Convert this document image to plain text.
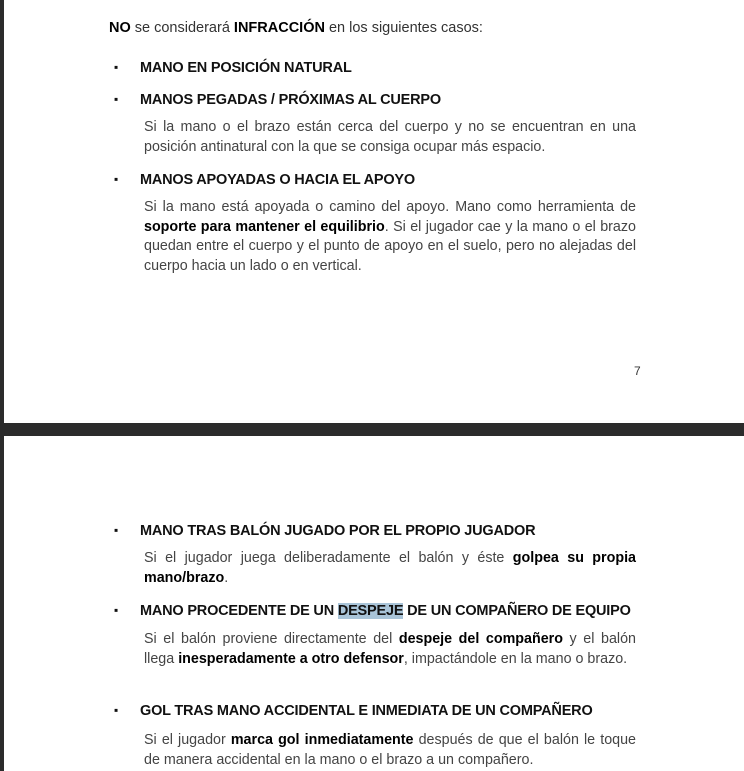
NO se considerará INFRACCIÓN en los siguientes casos:
▪ MANO EN POSICIÓN NATURAL
▪ MANOS PEGADAS / PRÓXIMAS AL CUERPO
Si la mano o el brazo están cerca del cuerpo y no se encuentran en una posición antinatural con la que se consiga ocupar más espacio.
▪ MANOS APOYADAS O HACIA EL APOYO
Si la mano está apoyada o camino del apoyo. Mano como herramienta de soporte para mantener el equilibrio. Si el jugador cae y la mano o el brazo quedan entre el cuerpo y el punto de apoyo en el suelo, pero no alejadas del cuerpo hacia un lado o en vertical.
7
▪ MANO TRAS BALÓN JUGADO POR EL PROPIO JUGADOR
Si el jugador juega deliberadamente el balón y éste golpea su propia mano/brazo.
▪ MANO PROCEDENTE DE UN DESPEJE DE UN COMPAÑERO DE EQUIPO
Si el balón proviene directamente del despeje del compañero y el balón llega inesperadamente a otro defensor, impactándole en la mano o brazo.
▪ GOL TRAS MANO ACCIDENTAL E INMEDIATA DE UN COMPAÑERO
Si el jugador marca gol inmediatamente después de que el balón le toque de manera accidental en la mano o el brazo a un compañero.
